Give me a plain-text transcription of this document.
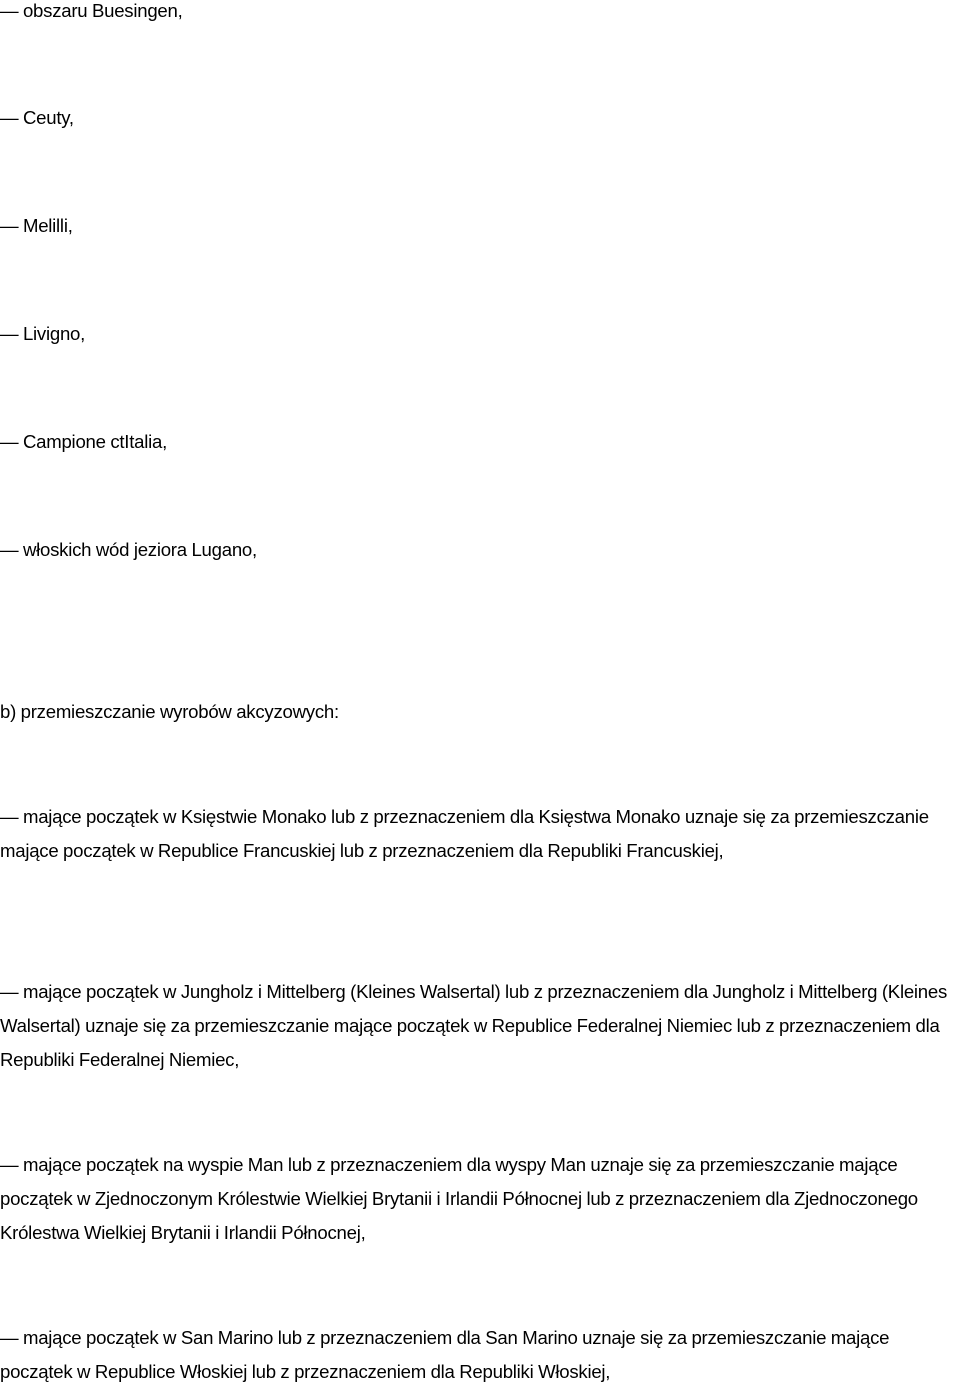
— obszaru Buesingen,

— Ceuty,

— Melilli,

— Livigno,

— Campione ctItalia,

— włoskich wód jeziora Lugano,

b) przemieszczanie wyrobów akcyzowych:

— mające początek w Księstwie Monako lub z przeznaczeniem dla Księstwa Monako uznaje się za przemieszczanie mające początek w Republice Francuskiej lub z przeznaczeniem dla Republiki Francuskiej,

— mające początek w Jungholz i Mittelberg (Kleines Walsertal) lub z przeznaczeniem dla Jungholz i Mittelberg (Kleines Walsertal) uznaje się za przemieszczanie mające początek w Republice Federalnej Niemiec lub z przeznaczeniem dla Republiki Federalnej Niemiec,

— mające początek na wyspie Man lub z przeznaczeniem dla wyspy Man uznaje się za przemieszczanie mające początek w Zjednoczonym Królestwie Wielkiej Brytanii i Irlandii Północnej lub z przeznaczeniem dla Zjednoczonego Królestwa Wielkiej Brytanii i Irlandii Północnej,

— mające początek w San Marino lub z przeznaczeniem dla San Marino uznaje się za przemieszczanie mające początek w Republice Włoskiej lub z przeznaczeniem dla Republiki Włoskiej,
